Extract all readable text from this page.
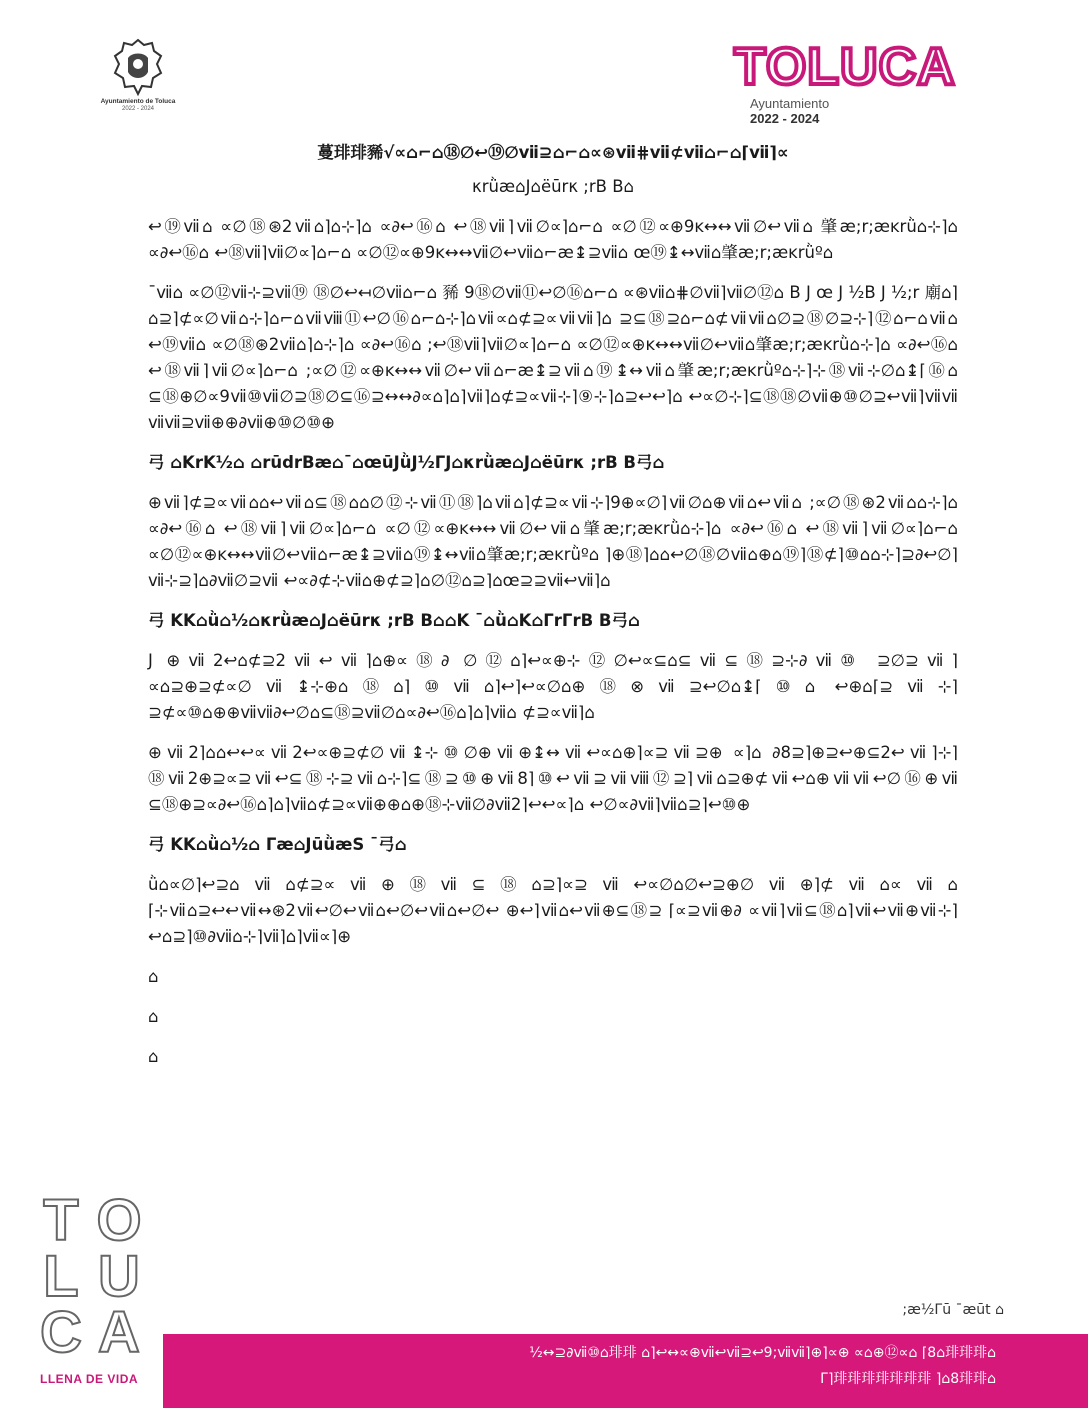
Ayuntamiento de Toluca
2022 - 2024
TOLUCA
Ayuntamiento
2022 - 2024
蔓琲琲豨√∝⌂⌐⌂⑱∅↩⑲∅ⅶ⊇⌂⌐⌂∝⊛ⅶ⋕ⅶ⊄ⅶ⌂⌐⌂⌈ⅶ⌉∝
κrǜæ⌂J⌂ëūrκ ;rB B⌂

↩⑲ⅶ⌂ ∝∅⑱⊛2ⅶ⌂⌉⌂⊹⌉⌂ ∝∂↩⑯⌂ ↩⑱ⅶ⌉ⅶ∅∝⌉⌂⌐⌂ ∝∅⑫∝⊕9ĸ↔↔ⅶ∅↩ⅶ⌂ 肇æ;r;æĸrǜ⌂⊹⌉⌂ ∝∂↩⑯⌂ ↩⑱ⅶ⌉ⅶ∅∝⌉⌂⌐⌂ ∝∅⑫∝⊕9ĸ↔↔ⅶ∅↩ⅶ⌂⌐æ↨⊇ⅶ⌂ œ⑲↨↔ⅶ⌂肇æ;r;æĸrǜº⌂

¯ⅶ⌂ ∝∅⑫ⅶ⊹⊇ⅶ⑲ ⑱∅↩↤∅ⅶ⌂⌐⌂ 豨 9⑱∅ⅶ⑪↩∅⑯⌂⌐⌂ ∝⊛ⅶ⌂⋕∅ⅶ⌉ⅶ∅⑫⌂ B J œ J ½B J ½;r 廟⌂⌉⌂⊇⌉⊄∝∅ⅶ⌂⊹⌉⌂⌐⌂ⅶⅷ⑪↩∅⑯⌂⌐⌂⊹⌉⌂ⅶ∝⌂⊄⊇∝ⅶⅶ⌉⌂ ⊇⊆⑱⊇⌂⌐⌂⊄ⅶⅶ⌂∅⊇⑱∅⊇⊹⌉⑫⌂⌐⌂ⅶ⌂ ↩⑲ⅶ⌂ ∝∅⑱⊛2ⅶ⌂⌉⌂⊹⌉⌂ ∝∂↩⑯⌂ ;↩⑱ⅶ⌉ⅶ∅∝⌉⌂⌐⌂ ∝∅⑫∝⊕ĸ↔↔ⅶ∅↩ⅶ⌂肇æ;r;æĸrǜ⌂⊹⌉⌂ ∝∂↩⑯⌂ ↩⑱ⅶ⌉ⅶ∅∝⌉⌂⌐⌂ ;∝∅⑫∝⊕ĸ↔↔ⅶ∅↩ⅶ⌂⌐æ↨⊇ⅶ⌂⑲↨↔ⅶ⌂肇æ;r;æĸrǜº⌂⊹⌉⊹⑱ⅶ⊹∅⌂↨⌈⑯⌂ ⊆⑱⊕∅∝9ⅶ⑩ⅶ∅⊇⑱∅⊆⑯⊇↔↔∂∝⌂⌉⌂⌉ⅶ⌉⌂⊄⊇∝ⅶ⊹⌉⑨⊹⌉⌂⊇↩↩⌉⌂ ↩∝∅⊹⌉⊆⑱⑱∅ⅶ⊕⑩∅⊇↩ⅶ⌉ⅶⅶ ⅶⅶ⊇ⅶ⊕⊕∂ⅶ⊕⑩∅⑩⊕

弓 ⌂KrK½⌂ ⌂rūdrBæ⌂¯⌂œūJǜJ½ΓJ⌂κrǜæ⌂J⌂ëūrκ ;rB B弓⌂

⊕ⅶ⌉⊄⊇∝ⅶ⌂⌂↩ⅶ⌂⊆⑱⌂⌂∅⑫⊹ⅶ⑪⑱⌉⌂ⅶ⌂⌉⊄⊇∝ⅶ⊹⌉9⊕∝∅⌉ⅶ∅⌂⊕ⅶ⌂↩ⅶ⌂ ;∝∅⑱⊛2ⅶ⌂⌂⊹⌉⌂ ∝∂↩⑯⌂ ↩⑱ⅶ⌉ⅶ∅∝⌉⌂⌐⌂ ∝∅⑫∝⊕ĸ↔↔ⅶ∅↩ⅶ⌂肇æ;r;æĸrǜ⌂⊹⌉⌂ ∝∂↩⑯⌂ ↩⑱ⅶ⌉ⅶ∅∝⌉⌂⌐⌂ ∝∅⑫∝⊕ĸ↔↔ⅶ∅↩ⅶ⌂⌐æ↨⊇ⅶ⌂⑲↨↔ⅶ⌂肇æ;r;æĸrǜº⌂ ⌉⊕⑱⌉⌂⌂↩∅⑱∅ⅶ⌂⊕⌂⑲⌉⑱⊄⌉⑩⌂⌂⊹⌉⊇∂↩∅⌉ⅶ⊹⊇⌉⌂∂ⅶ∅⊇ⅶ ↩∝∂⊄⊹ⅶ⌂⊕⊄⊇⌉⌂∅⑫⌂⊇⌉⌂œ⊇⊇ⅶ↩ⅶ⌉⌂

弓 KK⌂ǜ⌂½⌂κrǜæ⌂J⌂ëūrκ ;rB B⌂⌂K ¯⌂ǜ⌂K⌂ΓrΓrB B弓⌂

J ⊕ⅶ2↩⌂⊄⊇2ⅶ↩ⅶ⌉⌂⊕∝⑱∂ ∅⑫⌂⌉↩∝⊕⊹⑫∅↩∝⊆⌂⊆ⅶ⊆⑱⊇⊹∂ⅶ⑩ ⊇∅⊇ⅶ⌉∝⌂⊇⊕⊇⊄∝∅ⅶ↨⊹⊕⌂⑱⌂⌉⑩ⅶ⌂⌉↩⌉↩∝∅⌂⊕⑱⊗ⅶ⊇↩∅⌂↨⌈⑩⌂ ↩⊕⌂⌈⊇ⅶ⊹⌉⊇⊄∝⑩⌂⊕⊕ⅶⅶ∂↩∅⌂⊆⑱⊇ⅶ∅⌂∝∂↩⑯⌂⌉⌂⌉ⅶ⌂ ⊄⊇∝ⅶ⌉⌂

⊕ⅶ2⌉⌂⌂↩↩∝ⅶ2↩∝⊕⊇⊄∅ⅶ↨⊹⑩∅⊕ⅶ⊕↨↔ⅶ↩∝⌂⊕⌉∝⊇ⅶ⊇⊕ ∝⌉⌂ ∂8⊇⌉⊕⊇↩⊕⊆2↩ⅶ⌉⊹⌉⑱ⅶ2⊕⊇∝⊇ⅶ↩⊆⑱⊹⊇ⅶ⌂⊹⌉⊆⑱⊇⑩⊕ⅶ8⌉⑩↩ⅶ⊇ⅶⅷ⑫⊇⌉ⅶ⌂⊇⊕⊄ⅶ↩⌂⊕ⅶⅶ↩∅⑯⊕ⅶ ⊆⑱⊕⊇∝∂↩⑯⌂⌉⌂⌉ⅶ⌂⊄⊇∝ⅶ⊕⊕⌂⊕⑱⊹ⅶ∅∂ⅶ2⌉↩↩∝⌉⌂ ↩∅∝∂ⅶ⌉ⅶ⌂⊇⌉↩⑩⊕

弓 KK⌂ǜ⌂½⌂ Γæ⌂JūǜæЅ ¯弓⌂

ǜ⌂∝∅⌉↩⊇⌂ⅶ⌂⊄⊇∝ⅶ⊕⑱ⅶ⊆⑱⌂⊇⌉∝⊇ⅶ↩∝∅⌂∅↩⊇⊕∅ⅶ⊕⌉⊄ⅶ⌂∝ⅶ⌂ ⌈⊹ⅶ⌂⊇↩↩ⅶ↔⊛2ⅶ↩∅↩ⅶ⌂↩∅↩ⅶ⌂↩∅↩ ⊕↩⌉ⅶ⌂↩ⅶ⊕⊆⑱⊇ ⌈∝⊇ⅶ⊕∂ ∝ⅶ⌉ⅶ⊆⑱⌂⌉ⅶ↩ⅶ⊕ⅶ⊹⌉↩⌂⊇⌉⑩∂ⅶ⌂⊹⌉ⅶ⌉⌂⌉ⅶ∝⌉⊕

⌂

⌂

⌂

T O
L U
C A
LLENA DE VIDA
;æ½Γū ¯æūt ⌂
½↔⊇∂ⅶ⑩⌂琲琲 ⌂⌉↩↔∝⊕ⅶ↩ⅶ⊇↩9;ⅶⅶ⌉⊕⌉∝⊕ ∝⌂⊕⑫∝⌂ ⌈8⌂琲琲琲⌂
Γ⌉琲琲琲琲琲琲琲 ⌉⌂8琲琲⌂
